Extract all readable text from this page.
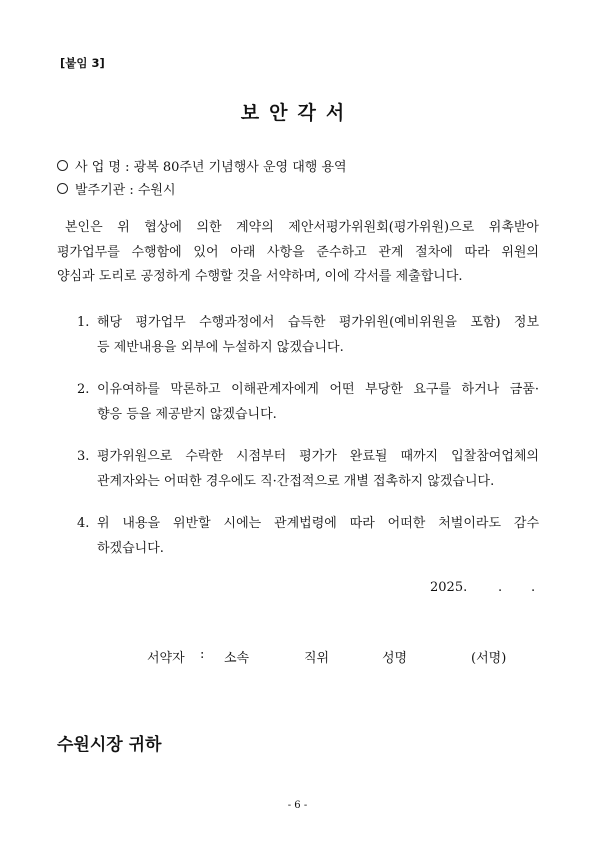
[붙임 3]
보안각서
사 업 명 : 광복 80주년 기념행사 운영 대행 용역
발주기관 : 수원시
본인은 위 협상에 의한 계약의 제안서평가위원회(평가위원)으로 위촉받아
평가업무를 수행함에 있어 아래 사항을 준수하고 관계 절차에 따라 위원의
양심과 도리로 공정하게 수행할 것을 서약하며, 이에 각서를 제출합니다.
1. 해당 평가업무 수행과정에서 습득한 평가위원(예비위원을 포함) 정보
등 제반내용을 외부에 누설하지 않겠습니다.
2. 이유여하를 막론하고 이해관계자에게 어떤 부당한 요구를 하거나 금품·
향응 등을 제공받지 않겠습니다.
3. 평가위원으로 수락한 시점부터 평가가 완료될 때까지 입찰참여업체의
관계자와는 어떠한 경우에도 직·간접적으로 개별 접촉하지 않겠습니다.
4. 위 내용을 위반할 시에는 관계법령에 따라 어떠한 처벌이라도 감수
하겠습니다.
2025.	.	.
서약자 : 소속	직위	성명	(서명)
수원시장 귀하
- 6 -
